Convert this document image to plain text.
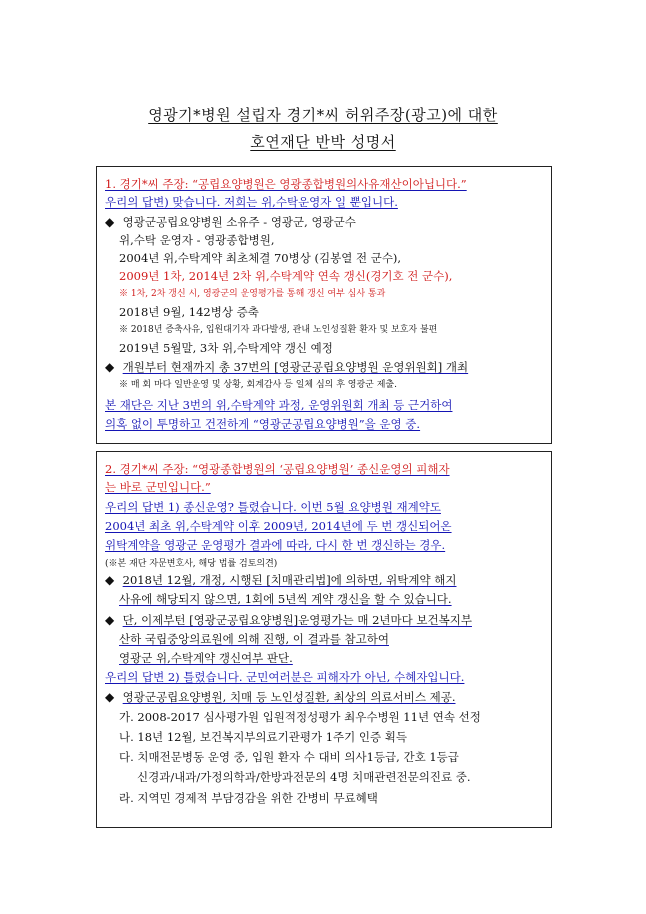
영광기*병원 설립자 경기*씨 허위주장(광고)에 대한
호연재단 반박 성명서
1. 경기*씨 주장: “공립요양병원은 영광종합병원의사유재산이아닙니다.”
우리의 답변) 맞습니다. 저희는 위,수탁운영자 일 뿐입니다.
◆ 영광군공립요양병원 소유주 - 영광군, 영광군수
위,수탁 운영자 - 영광종합병원,
2004년 위,수탁계약 최초체결 70병상 (김봉열 전 군수),
2009년 1차, 2014년 2차 위,수탁계약 연속 갱신(경기호 전 군수),
※ 1차, 2차 갱신 시, 영광군의 운영평가를 통해 갱신 여부 심사 통과
2018년 9월, 142병상 증축
※ 2018년 증축사유, 입원대기자 과다발생, 관내 노인성질환 환자 및 보호자 불편
2019년 5월말, 3차 위,수탁계약 갱신 예정
◆ 개원부터 현재까지 총 37번의 [영광군공립요양병원 운영위원회] 개최
※ 매 회 마다 일반운영 및 상황, 회계감사 등 일체 심의 후 영광군 제출.
본 재단은 지난 3번의 위,수탁계약 과정, 운영위원회 개최 등 근거하여
의혹 없이 투명하고 건전하게 “영광군공립요양병원”을 운영 중.
2. 경기*씨 주장: “영광종합병원의 ‘공립요양병원’ 종신운영의 피해자
는 바로 군민입니다.”
우리의 답변 1) 종신운영? 틀렸습니다. 이번 5월 요양병원 재계약도
2004년 최초 위,수탁계약 이후 2009년, 2014년에 두 번 갱신되어온
위탁계약을 영광군 운영평가 결과에 따라, 다시 한 번 갱신하는 경우.
(※본 재단 자문변호사, 해당 법률 검토의견)
◆ 2018년 12월, 개정, 시행된 [치매관리법]에 의하면, 위탁계약 해지
사유에 해당되지 않으면, 1회에 5년씩 계약 갱신을 할 수 있습니다.
◆ 단, 이제부턴 [영광군공립요양병원]운영평가는 매 2년마다 보건복지부
산하 국립중앙의료원에 의해 진행, 이 결과를 참고하여
영광군 위,수탁계약 갱신여부 판단.
우리의 답변 2) 틀렸습니다. 군민여러분은 피해자가 아닌, 수혜자입니다.
◆ 영광군공립요양병원, 치매 등 노인성질환, 최상의 의료서비스 제공.
가. 2008-2017 심사평가원 입원적정성평가 최우수병원 11년 연속 선정
나. 18년 12월, 보건복지부의료기관평가 1주기 인증 획득
다. 치매전문병동 운영 중, 입원 환자 수 대비 의사1등급, 간호 1등급
신경과/내과/가정의학과/한방과전문의 4명 치매관련전문의진료 중.
라. 지역민 경제적 부담경감을 위한 간병비 무료혜택
